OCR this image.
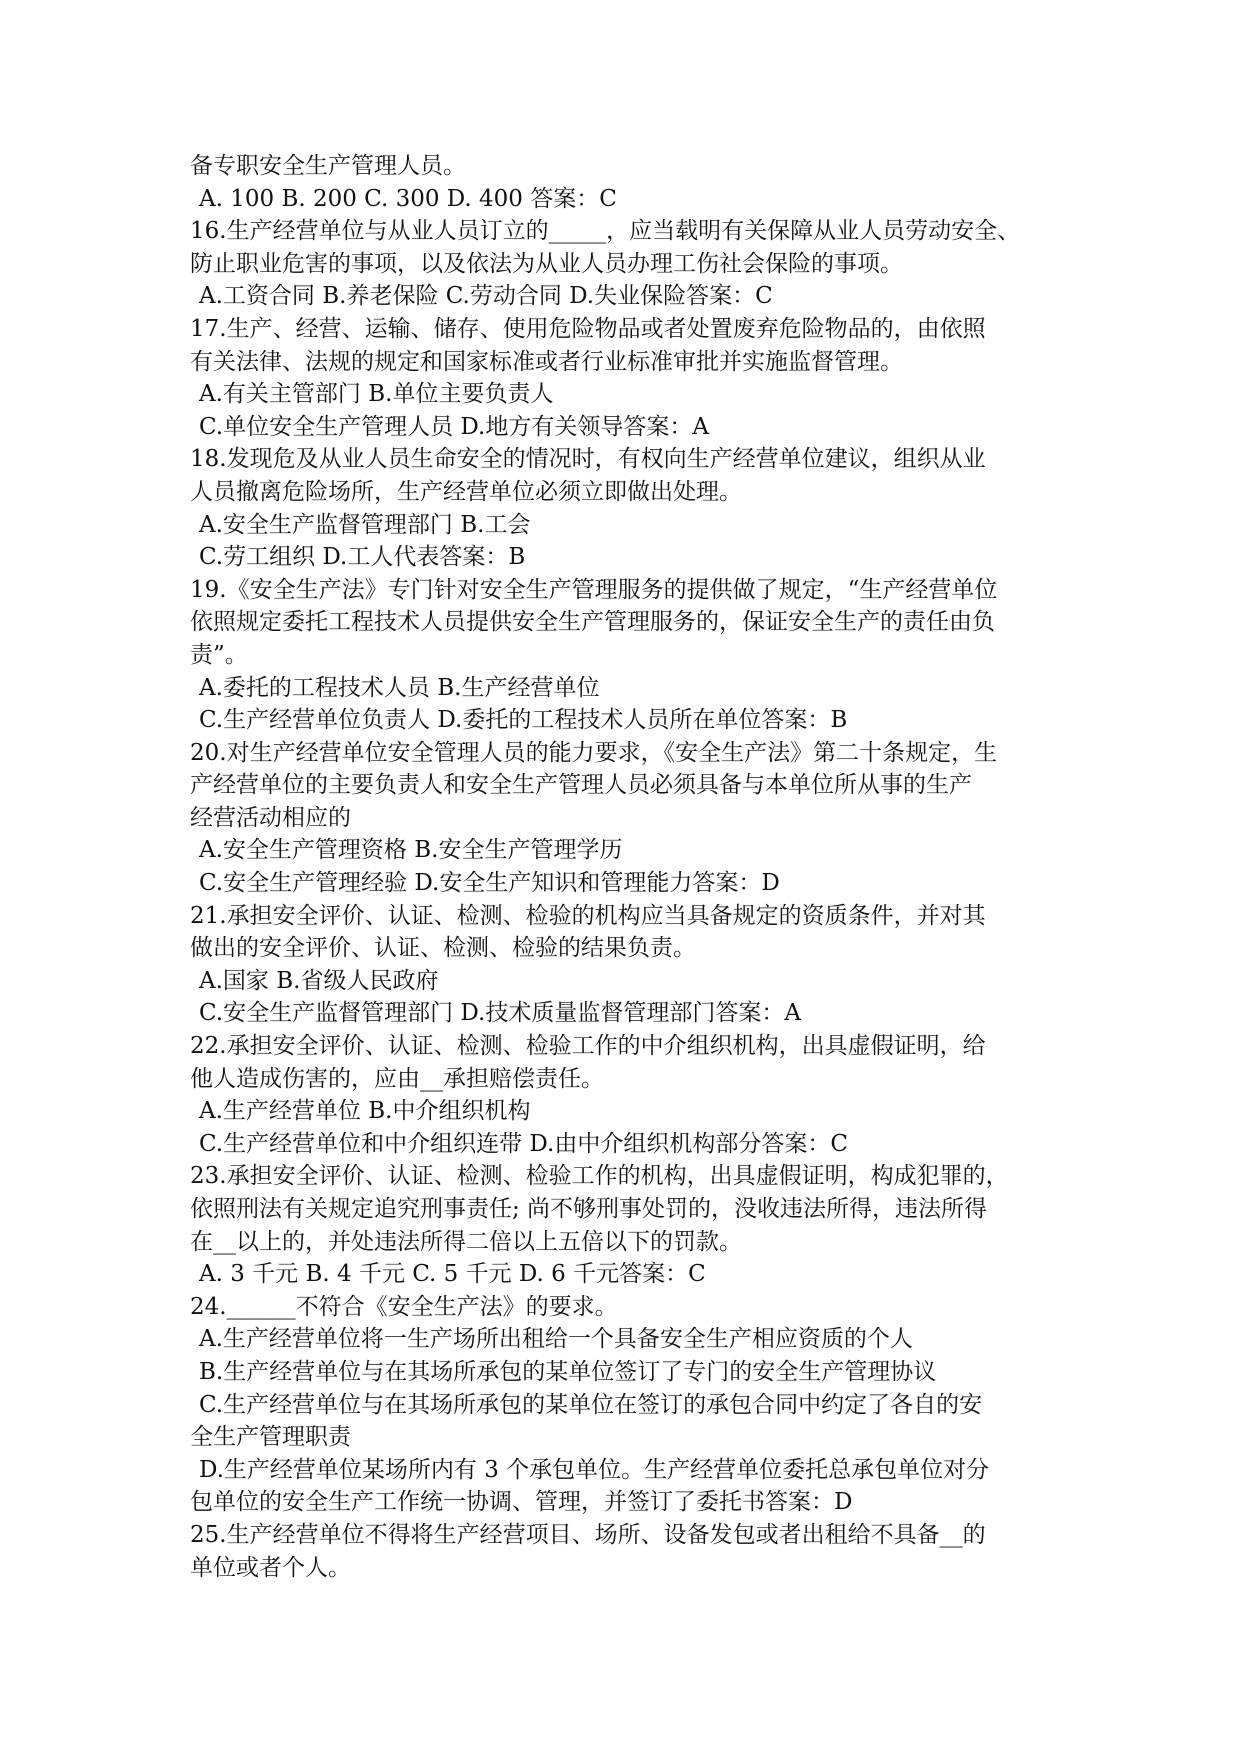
备专职安全生产管理人员。
A. 100 B. 200 C. 300 D. 400 答案：C
16.生产经营单位与从业人员订立的_____，应当载明有关保障从业人员劳动安全、
防止职业危害的事项，以及依法为从业人员办理工伤社会保险的事项。
A.工资合同 B.养老保险 C.劳动合同 D.失业保险答案：C
17.生产、经营、运输、储存、使用危险物品或者处置废弃危险物品的，由依照
有关法律、法规的规定和国家标准或者行业标准审批并实施监督管理。
A.有关主管部门 B.单位主要负责人
C.单位安全生产管理人员 D.地方有关领导答案：A
18.发现危及从业人员生命安全的情况时，有权向生产经营单位建议，组织从业
人员撤离危险场所，生产经营单位必须立即做出处理。
A.安全生产监督管理部门 B.工会
C.劳工组织 D.工人代表答案：B
19.《安全生产法》专门针对安全生产管理服务的提供做了规定，“生产经营单位
依照规定委托工程技术人员提供安全生产管理服务的，保证安全生产的责任由负
责”。
A.委托的工程技术人员 B.生产经营单位
C.生产经营单位负责人 D.委托的工程技术人员所在单位答案：B
20.对生产经营单位安全管理人员的能力要求，《安全生产法》第二十条规定，生
产经营单位的主要负责人和安全生产管理人员必须具备与本单位所从事的生产
经营活动相应的
A.安全生产管理资格 B.安全生产管理学历
C.安全生产管理经验 D.安全生产知识和管理能力答案：D
21.承担安全评价、认证、检测、检验的机构应当具备规定的资质条件，并对其
做出的安全评价、认证、检测、检验的结果负责。
A.国家 B.省级人民政府
C.安全生产监督管理部门 D.技术质量监督管理部门答案：A
22.承担安全评价、认证、检测、检验工作的中介组织机构，出具虚假证明，给
他人造成伤害的，应由__承担赔偿责任。
A.生产经营单位 B.中介组织机构
C.生产经营单位和中介组织连带 D.由中介组织机构部分答案：C
23.承担安全评价、认证、检测、检验工作的机构，出具虚假证明，构成犯罪的，
依照刑法有关规定追究刑事责任; 尚不够刑事处罚的，没收违法所得，违法所得
在__以上的，并处违法所得二倍以上五倍以下的罚款。
A. 3 千元 B. 4 千元 C. 5 千元 D. 6 千元答案：C
24.______不符合《安全生产法》的要求。
A.生产经营单位将一生产场所出租给一个具备安全生产相应资质的个人
B.生产经营单位与在其场所承包的某单位签订了专门的安全生产管理协议
C.生产经营单位与在其场所承包的某单位在签订的承包合同中约定了各自的安
全生产管理职责
D.生产经营单位某场所内有 3 个承包单位。生产经营单位委托总承包单位对分
包单位的安全生产工作统一协调、管理，并签订了委托书答案：D
25.生产经营单位不得将生产经营项目、场所、设备发包或者出租给不具备__的
单位或者个人。
